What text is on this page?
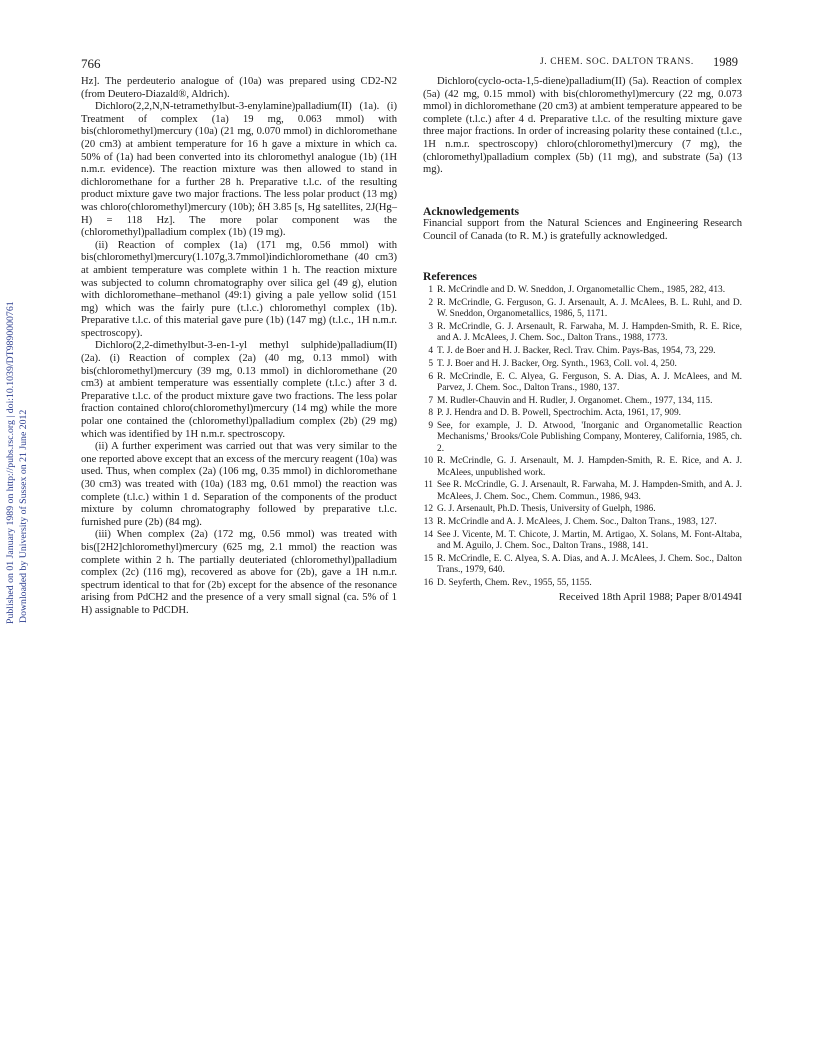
766	J. CHEM. SOC. DALTON TRANS. 1989
Downloaded by University of Sussex on 21 June 2012
Published on 01 January 1989 on http://pubs.rsc.org | doi:10.1039/DT9890000761

Hz]. The perdeuterio analogue of (10a) was prepared using CD2-N2 (from Deutero-Diazald®, Aldrich).

Dichloro(2,2,N,N-tetramethylbut-3-enylamine)palladium(II) (1a). (i) Treatment of complex (1a) 19 mg, 0.063 mmol) with bis(chloromethyl)mercury (10a) (21 mg, 0.070 mmol) in dichloromethane (20 cm3) at ambient temperature for 16 h gave a mixture in which ca. 50% of (1a) had been converted into its chloromethyl analogue (1b) (1H n.m.r. evidence). The reaction mixture was then allowed to stand in dichloromethane for a further 28 h. Preparative t.l.c. of the resulting product mixture gave two major fractions. The less polar product (13 mg) was chloro(chloromethyl)mercury (10b); δH 3.85 [s, Hg satellites, 2J(Hg–H) = 118 Hz]. The more polar component was the (chloromethyl)palladium complex (1b) (19 mg).

(ii) Reaction of complex (1a) (171 mg, 0.56 mmol) with bis(chloromethyl)mercury(1.107g,3.7mmol)indichloromethane (40 cm3) at ambient temperature was complete within 1 h. The reaction mixture was subjected to column chromatography over silica gel (49 g), elution with dichloromethane–methanol (49:1) giving a pale yellow solid (151 mg) which was the fairly pure (t.l.c.) chloromethyl complex (1b). Preparative t.l.c. of this material gave pure (1b) (147 mg) (t.l.c., 1H n.m.r. spectroscopy).

Dichloro(2,2-dimethylbut-3-en-1-yl methyl sulphide)palladium(II) (2a). (i) Reaction of complex (2a) (40 mg, 0.13 mmol) with bis(chloromethyl)mercury (39 mg, 0.13 mmol) in dichloromethane (20 cm3) at ambient temperature was essentially complete (t.l.c.) after 3 d. Preparative t.l.c. of the product mixture gave two fractions. The less polar fraction contained chloro(chloromethyl)mercury (14 mg) while the more polar one contained the (chloromethyl)palladium complex (2b) (29 mg) which was identified by 1H n.m.r. spectroscopy.

(ii) A further experiment was carried out that was very similar to the one reported above except that an excess of the mercury reagent (10a) was used. Thus, when complex (2a) (106 mg, 0.35 mmol) in dichloromethane (30 cm3) was treated with (10a) (183 mg, 0.61 mmol) the reaction was complete (t.l.c.) within 1 d. Separation of the components of the product mixture by column chromatography followed by preparative t.l.c. furnished pure (2b) (84 mg).

(iii) When complex (2a) (172 mg, 0.56 mmol) was treated with bis([2H2]chloromethyl)mercury (625 mg, 2.1 mmol) the reaction was complete within 2 h. The partially deuteriated (chloromethyl)palladium complex (2c) (116 mg), recovered as above for (2b), gave a 1H n.m.r. spectrum identical to that for (2b) except for the absence of the resonance arising from PdCH2 and the presence of a very small signal (ca. 5% of 1 H) assignable to PdCDH.

Dichloro(cyclo-octa-1,5-diene)palladium(II) (5a). Reaction of complex (5a) (42 mg, 0.15 mmol) with bis(chloromethyl)mercury (22 mg, 0.073 mmol) in dichloromethane (20 cm3) at ambient temperature appeared to be complete (t.l.c.) after 4 d. Preparative t.l.c. of the resulting mixture gave three major fractions. In order of increasing polarity these contained (t.l.c., 1H n.m.r. spectroscopy) chloro(chloromethyl)mercury (7 mg), the (chloromethyl)palladium complex (5b) (11 mg), and substrate (5a) (13 mg).

Acknowledgements

Financial support from the Natural Sciences and Engineering Research Council of Canada (to R. M.) is gratefully acknowledged.

References
1 R. McCrindle and D. W. Sneddon, J. Organometallic Chem., 1985, 282, 413.
2 R. McCrindle, G. Ferguson, G. J. Arsenault, A. J. McAlees, B. L. Ruhl, and D. W. Sneddon, Organometallics, 1986, 5, 1171.
3 R. McCrindle, G. J. Arsenault, R. Farwaha, M. J. Hampden-Smith, R. E. Rice, and A. J. McAlees, J. Chem. Soc., Dalton Trans., 1988, 1773.
4 T. J. de Boer and H. J. Backer, Recl. Trav. Chim. Pays-Bas, 1954, 73, 229.
5 T. J. Boer and H. J. Backer, Org. Synth., 1963, Coll. vol. 4, 250.
6 R. McCrindle, E. C. Alyea, G. Ferguson, S. A. Dias, A. J. McAlees, and M. Parvez, J. Chem. Soc., Dalton Trans., 1980, 137.
7 M. Rudler-Chauvin and H. Rudler, J. Organomet. Chem., 1977, 134, 115.
8 P. J. Hendra and D. B. Powell, Spectrochim. Acta, 1961, 17, 909.
9 See, for example, J. D. Atwood, 'Inorganic and Organometallic Reaction Mechanisms,' Brooks/Cole Publishing Company, Monterey, California, 1985, ch. 2.
10 R. McCrindle, G. J. Arsenault, M. J. Hampden-Smith, R. E. Rice, and A. J. McAlees, unpublished work.
11 See R. McCrindle, G. J. Arsenault, R. Farwaha, M. J. Hampden-Smith, and A. J. McAlees, J. Chem. Soc., Chem. Commun., 1986, 943.
12 G. J. Arsenault, Ph.D. Thesis, University of Guelph, 1986.
13 R. McCrindle and A. J. McAlees, J. Chem. Soc., Dalton Trans., 1983, 127.
14 See J. Vicente, M. T. Chicote, J. Martin, M. Artigao, X. Solans, M. Font-Altaba, and M. Aguilo, J. Chem. Soc., Dalton Trans., 1988, 141.
15 R. McCrindle, E. C. Alyea, S. A. Dias, and A. J. McAlees, J. Chem. Soc., Dalton Trans., 1979, 640.
16 D. Seyferth, Chem. Rev., 1955, 55, 1155.

Received 18th April 1988; Paper 8/01494I
